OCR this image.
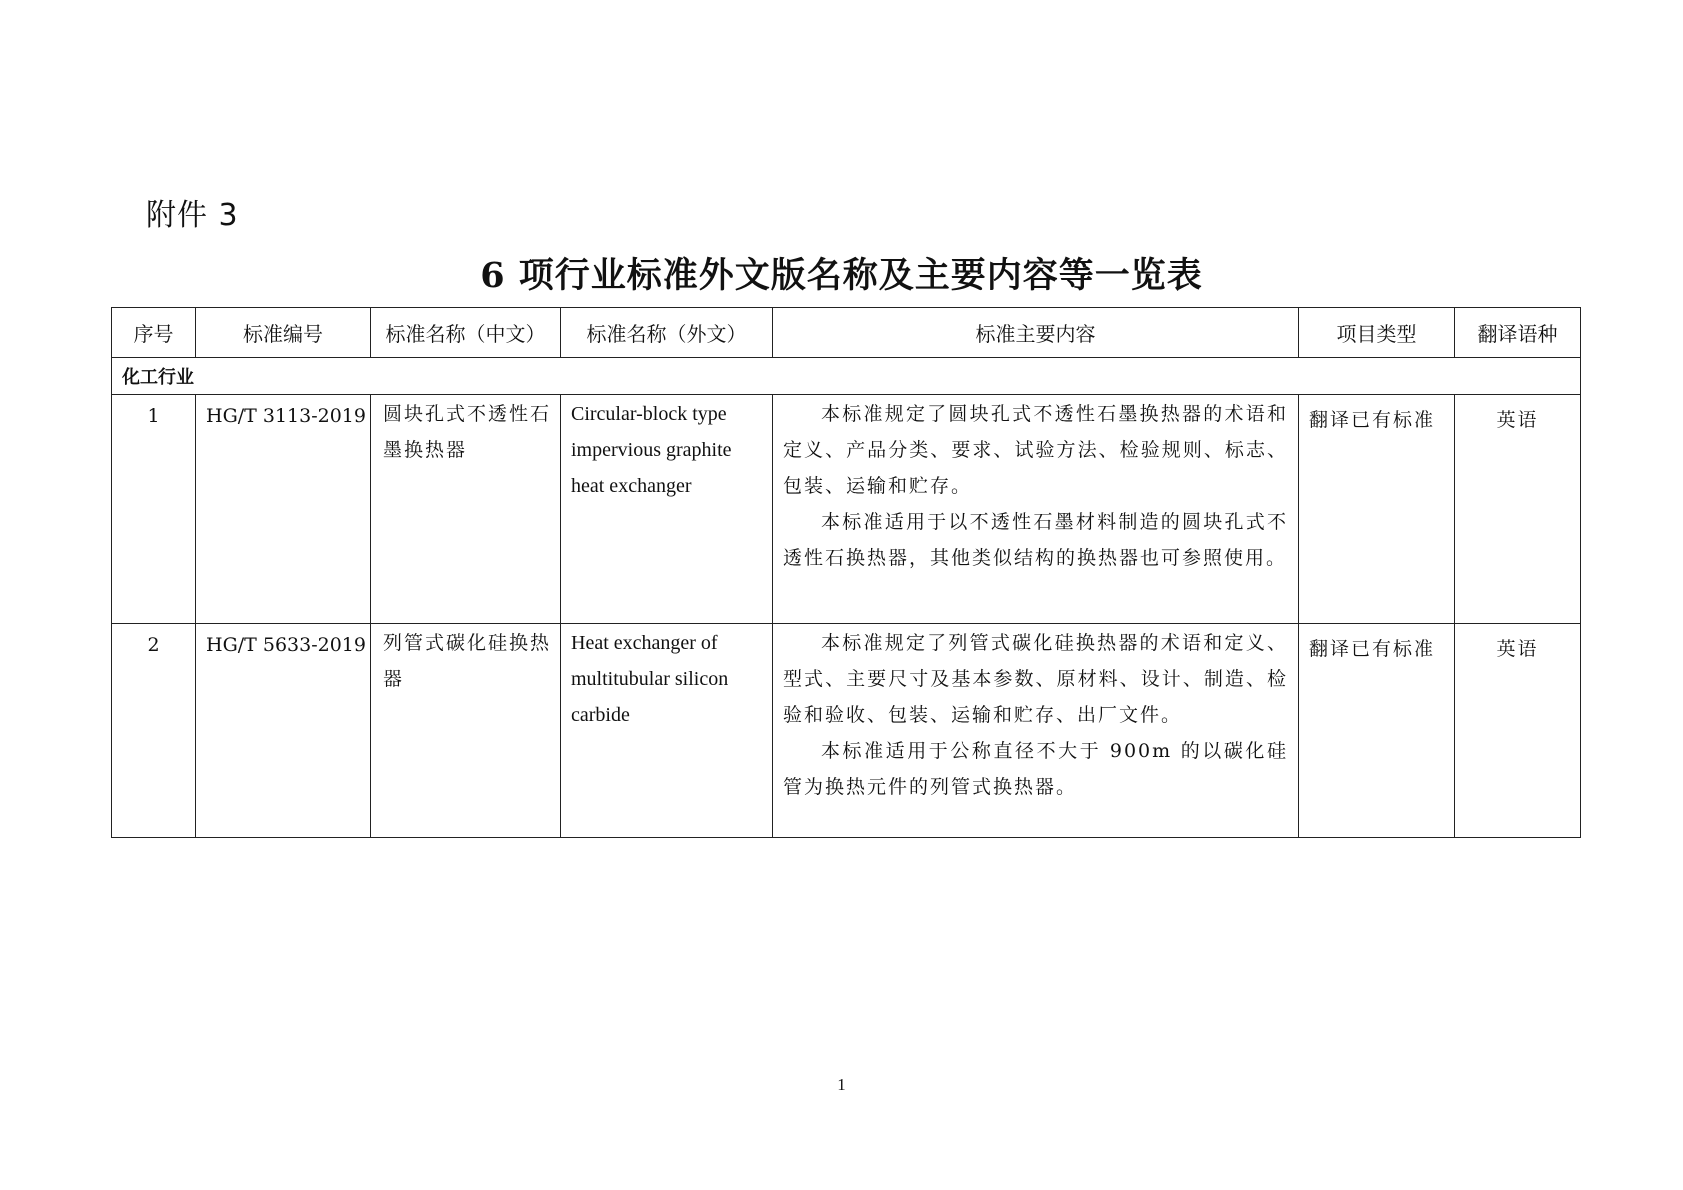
附件 3
6 项行业标准外文版名称及主要内容等一览表
序号	标准编号	标准名称（中文）	标准名称（外文）	标准主要内容	项目类型	翻译语种
化工行业						
1	HG/T 3113-2019	圆块孔式不透性石墨换热器	Circular-block type impervious graphite heat exchanger	本标准规定了圆块孔式不透性石墨换热器的术语和定义、产品分类、要求、试验方法、检验规则、标志、包装、运输和贮存。

本标准适用于以不透性石墨材料制造的圆块孔式不透性石换热器，其他类似结构的换热器也可参照使用。	翻译已有标准	英语
2	HG/T 5633-2019	列管式碳化硅换热器	Heat exchanger of multitubular silicon carbide	本标准规定了列管式碳化硅换热器的术语和定义、型式、主要尺寸及基本参数、原材料、设计、制造、检验和验收、包装、运输和贮存、出厂文件。

本标准适用于公称直径不大于 900m 的以碳化硅管为换热元件的列管式换热器。	翻译已有标准	英语
1
